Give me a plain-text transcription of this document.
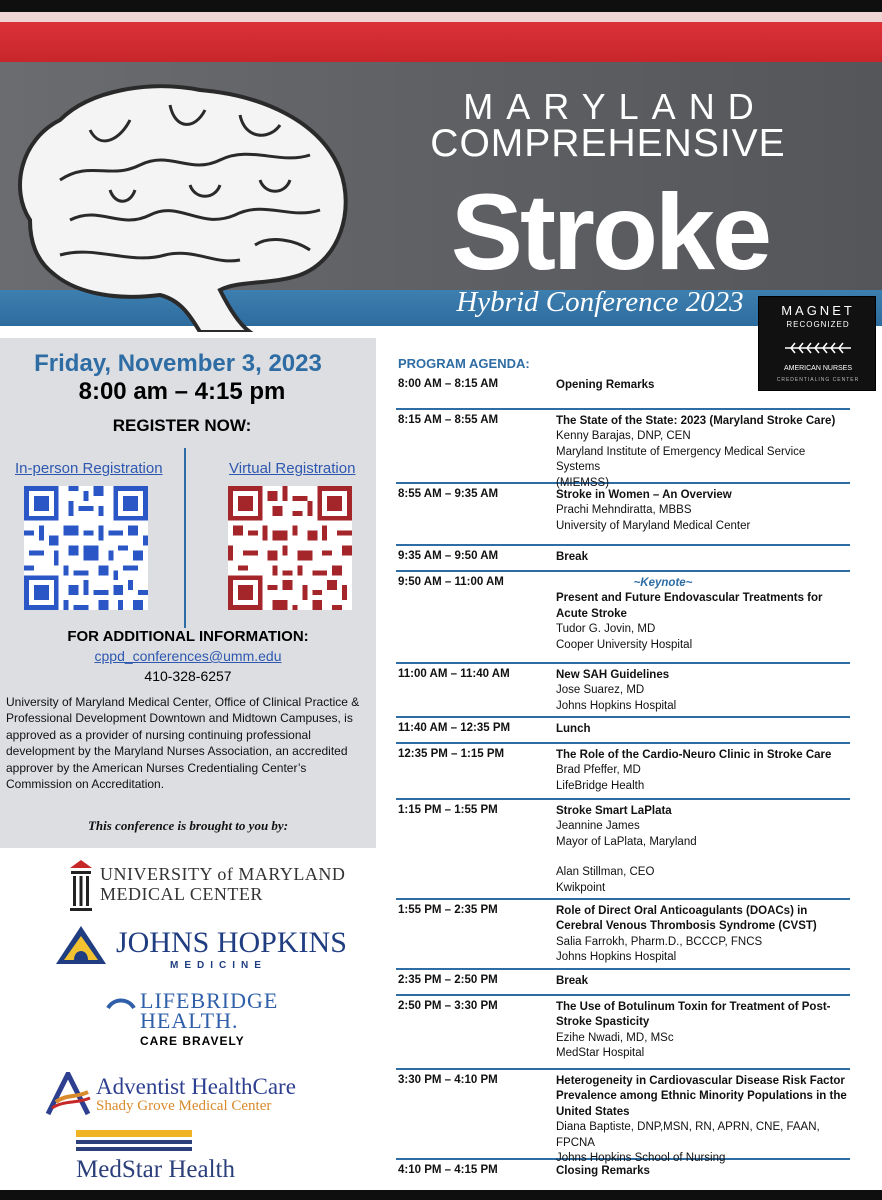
MARYLAND
COMPREHENSIVE
Stroke
Hybrid Conference 2023	MAGNET
RECOGNIZED
AMERICAN NURSES
CREDENTIALING CENTER
Friday, November 3, 2023
8:00 am – 4:15 pm
REGISTER NOW:
In-person Registration	Virtual Registration
FOR ADDITIONAL INFORMATION:
cppd_conferences@umm.edu
410-328-6257
University of Maryland Medical Center, Office of Clinical Practice & Professional Development Downtown and Midtown Campuses, is approved as a provider of nursing continuing professional development by the Maryland Nurses Association, an accredited approver by the American Nurses Credentialing Center’s Commission on Accreditation.
This conference is brought to you by:
UNIVERSITY of MARYLAND
MEDICAL CENTER
JOHNS HOPKINS
MEDICINE
LIFEBRIDGE
HEALTH.
CARE BRAVELY
Adventist HealthCare
Shady Grove Medical Center
MedStar Health
PROGRAM AGENDA:
8:00 AM – 8:15 AM	Opening Remarks
8:15 AM – 8:55 AM	The State of the State: 2023 (Maryland Stroke Care)
Kenny Barajas, DNP, CEN
Maryland Institute of Emergency Medical Service Systems
(MIEMSS)
8:55 AM – 9:35 AM	Stroke in Women – An Overview
Prachi Mehndiratta, MBBS
University of Maryland Medical Center
9:35 AM – 9:50 AM	Break
9:50 AM – 11:00 AM	~Keynote~
Present and Future Endovascular Treatments for Acute Stroke
Tudor G. Jovin, MD
Cooper University Hospital
11:00 AM – 11:40 AM	New SAH Guidelines
Jose Suarez, MD
Johns Hopkins Hospital
11:40 AM – 12:35 PM	Lunch
12:35 PM – 1:15 PM	The Role of the Cardio-Neuro Clinic in Stroke Care
Brad Pfeffer, MD
LifeBridge Health
1:15 PM – 1:55 PM	Stroke Smart LaPlata
Jeannine James
Mayor of LaPlata, Maryland
Alan Stillman, CEO
Kwikpoint
1:55 PM – 2:35 PM	Role of Direct Oral Anticoagulants (DOACs) in Cerebral Venous Thrombosis Syndrome (CVST)
Salia Farrokh, Pharm.D., BCCCP, FNCS
Johns Hopkins Hospital
2:35 PM – 2:50 PM	Break
2:50 PM – 3:30 PM	The Use of Botulinum Toxin for Treatment of Post-Stroke Spasticity
Ezihe Nwadi, MD, MSc
MedStar Hospital
3:30 PM – 4:10 PM	Heterogeneity in Cardiovascular Disease Risk Factor Prevalence among Ethnic Minority Populations in the United States
Diana Baptiste, DNP,MSN, RN, APRN, CNE, FAAN, FPCNA
Johns Hopkins School of Nursing
4:10 PM – 4:15 PM	Closing Remarks
